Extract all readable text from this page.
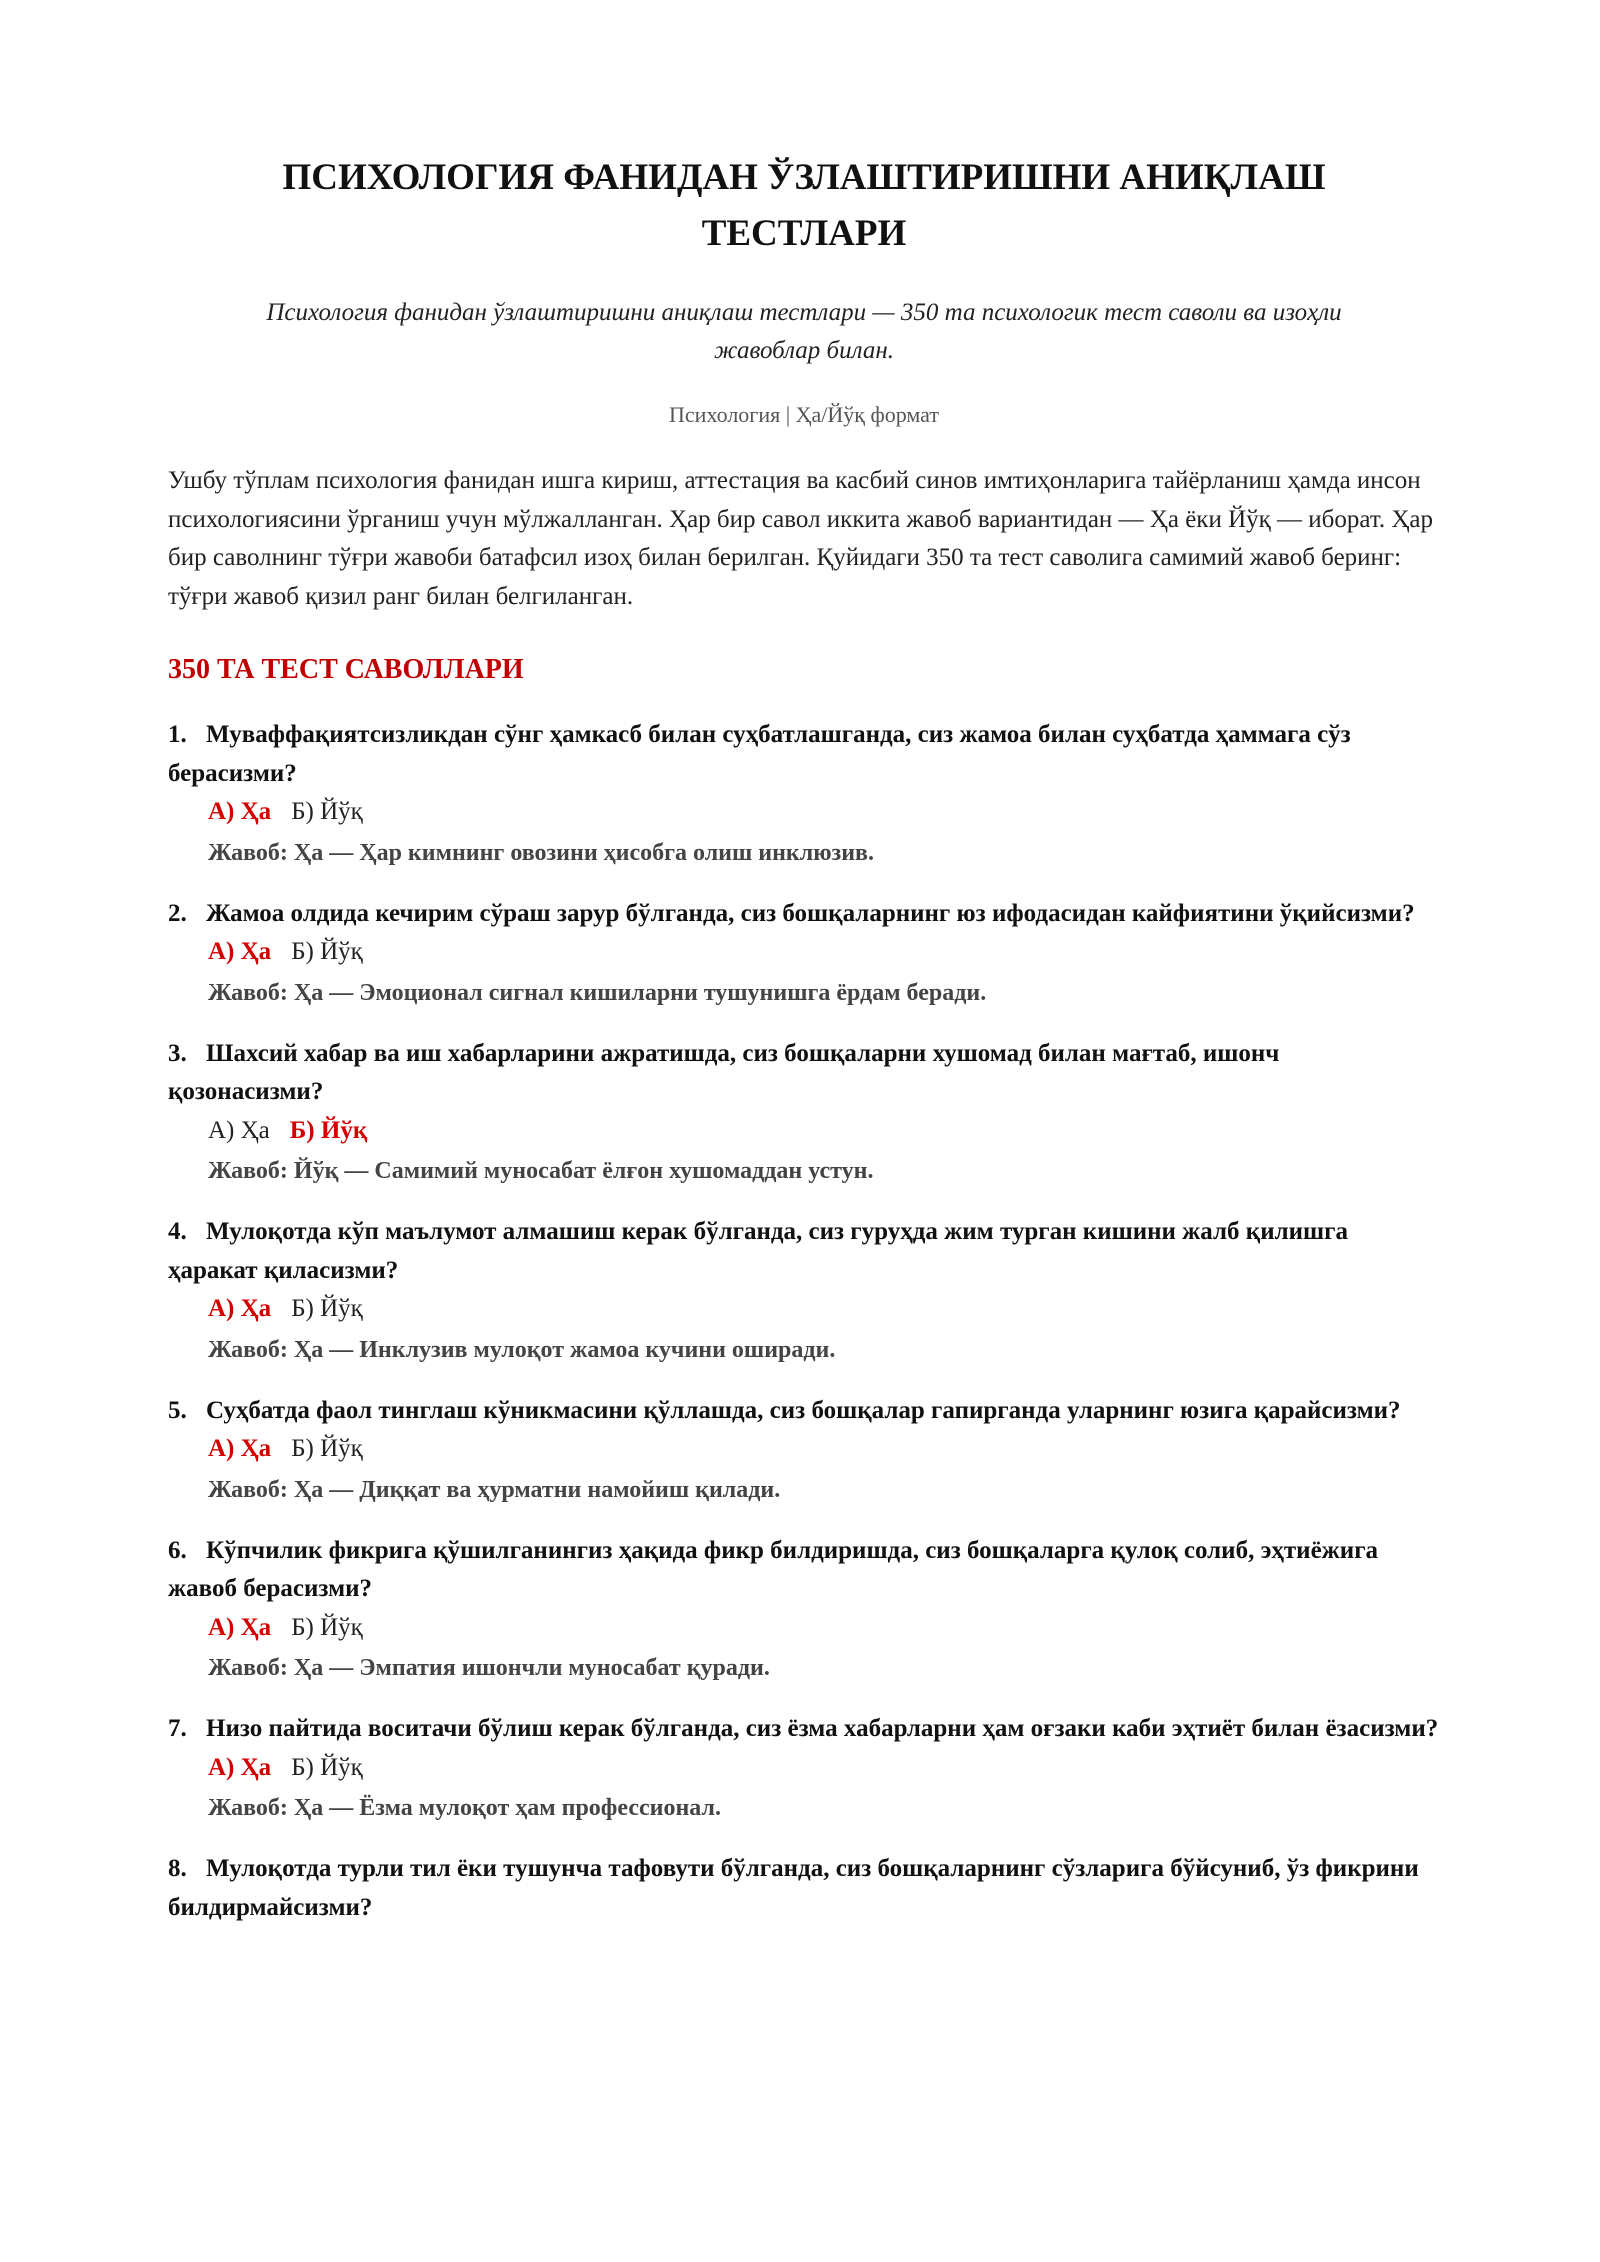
ПСИХОЛОГИЯ ФАНИДАН ЎЗЛАШТИРИШНИ АНИҚЛАШ ТЕСТЛАРИ
Психология фанидан ўзлаштиришни аниқлаш тестлари — 350 та психологик тест саволи ва изоҳли жавоблар билан.
Психология | Ҳа/Йўқ формат
Ушбу тўплам психология фанидан ишга кириш, аттестация ва касбий синов имтиҳонларига тайёрланиш ҳамда инсон психологиясини ўрганиш учун мўлжалланган. Ҳар бир савол иккита жавоб вариантидан — Ҳа ёки Йўқ — иборат. Ҳар бир саволнинг тўғри жавоби батафсил изоҳ билан берилган. Қуйидаги 350 та тест саволига самимий жавоб беринг: тўғри жавоб қизил ранг билан белгиланган.
350 ТА ТЕСТ САВОЛЛАРИ
1. Муваффақиятсизликдан сўнг ҳамкасб билан суҳбатлашганда, сиз жамоа билан суҳбатда ҳаммага сўз берасизми?
А) Ҳа Б) Йўқ
Жавоб: Ҳа — Ҳар кимнинг овозини ҳисобга олиш инклюзив.
2. Жамоа олдида кечирим сўраш зарур бўлганда, сиз бошқаларнинг юз ифодасидан кайфиятини ўқийсизми?
А) Ҳа Б) Йўқ
Жавоб: Ҳа — Эмоционал сигнал кишиларни тушунишга ёрдам беради.
3. Шахсий хабар ва иш хабарларини ажратишда, сиз бошқаларни хушомад билан мағтаб, ишонч қозонасизми?
А) Ҳа Б) Йўқ
Жавоб: Йўқ — Самимий муносабат ёлғон хушомаддан устун.
4. Мулоқотда кўп маълумот алмашиш керак бўлганда, сиз гуруҳда жим турган кишини жалб қилишга ҳаракат қиласизми?
А) Ҳа Б) Йўқ
Жавоб: Ҳа — Инклузив мулоқот жамоа кучини оширади.
5. Суҳбатда фаол тинглаш кўникмасини қўллашда, сиз бошқалар гапирганда уларнинг юзига қарайсизми?
А) Ҳа Б) Йўқ
Жавоб: Ҳа — Диққат ва ҳурматни намойиш қилади.
6. Кўпчилик фикрига қўшилганингиз ҳақида фикр билдиришда, сиз бошқаларга қулоқ солиб, эҳтиёжига жавоб берасизми?
А) Ҳа Б) Йўқ
Жавоб: Ҳа — Эмпатия ишончли муносабат қуради.
7. Низо пайтида воситачи бўлиш керак бўлганда, сиз ёзма хабарларни ҳам оғзаки каби эҳтиёт билан ёзасизми?
А) Ҳа Б) Йўқ
Жавоб: Ҳа — Ёзма мулоқот ҳам профессионал.
8. Мулоқотда турли тил ёки тушунча тафовути бўлганда, сиз бошқаларнинг сўзларига бўйсуниб, ўз фикрини билдирмайсизми?
